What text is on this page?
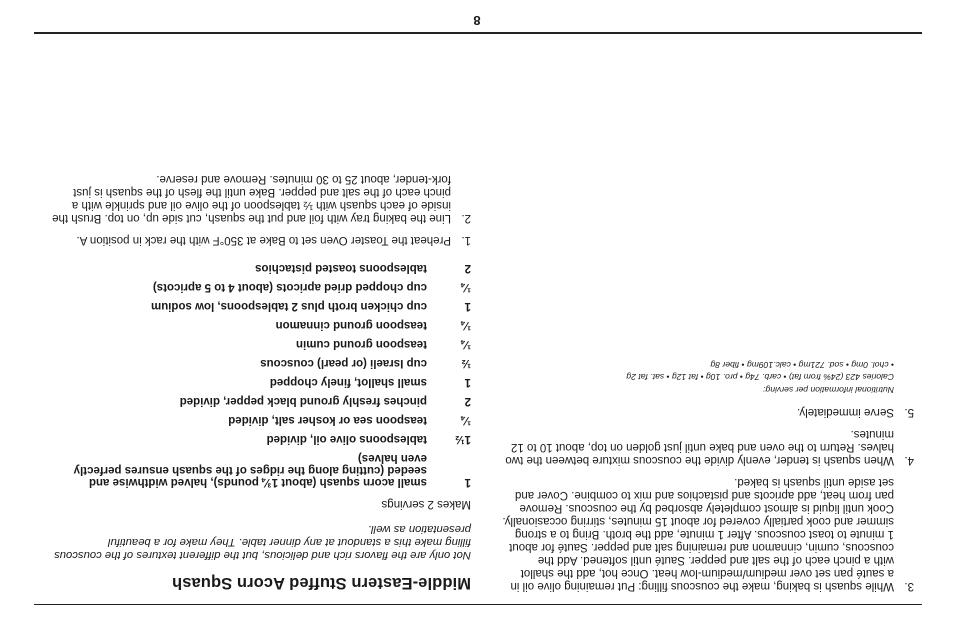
8
Middle-Eastern Stuffed Acorn Squash
Not only are the flavors rich and delicious, but the different textures of the couscous filling make this a standout at any dinner table. They make for a beautiful presentation as well.
Makes 2 servings
1
small acorn squash (about 1¾ pounds), halved widthwise and seeded (cutting along the ridges of the squash ensures perfectly even halves)
1½
tablespoons olive oil, divided
¼
teaspoon sea or kosher salt, divided
2
pinches freshly ground black pepper, divided
1
small shallot, finely chopped
½
cup Israeli (or pearl) couscous
¼
teaspoon ground cumin
¼
teaspoon ground cinnamon
1
cup chicken broth plus 2 tablespoons, low sodium
¼
cup chopped dried apricots (about 4 to 5 apricots)
2
tablespoons toasted pistachios
1.
Preheat the Toaster Oven set to Bake at 350°F with the rack in position A.
2.
Line the baking tray with foil and put the squash, cut side up, on top. Brush the inside of each squash with ½ tablespoon of the olive oil and sprinkle with a pinch each of the salt and pepper. Bake until the flesh of the squash is just fork-tender, about 25 to 30 minutes. Remove and reserve.
3.
While squash is baking, make the couscous filling: Put remaining olive oil in a sauté pan set over medium/medium-low heat. Once hot, add the shallot with a pinch each of the salt and pepper. Sauté until softened. Add the couscous, cumin, cinnamon and remaining salt and pepper. Sauté for about 1 minute to toast couscous. After 1 minute, add the broth. Bring to a strong simmer and cook partially covered for about 15 minutes, stirring occasionally. Cook until liquid is almost completely absorbed by the couscous. Remove pan from heat, add apricots and pistachios and mix to combine. Cover and set aside until squash is baked.
4.
When squash is tender, evenly divide the couscous mixture between the two halves. Return to the oven and bake until just golden on top, about 10 to 12 minutes.
5.
Serve immediately.
Nutritional information per serving:
Calories 423 (24% from fat) • carb. 74g • pro. 10g • fat 12g • sat. fat 2g
• chol. 0mg • sod. 721mg • calc.109mg • fiber 8g
